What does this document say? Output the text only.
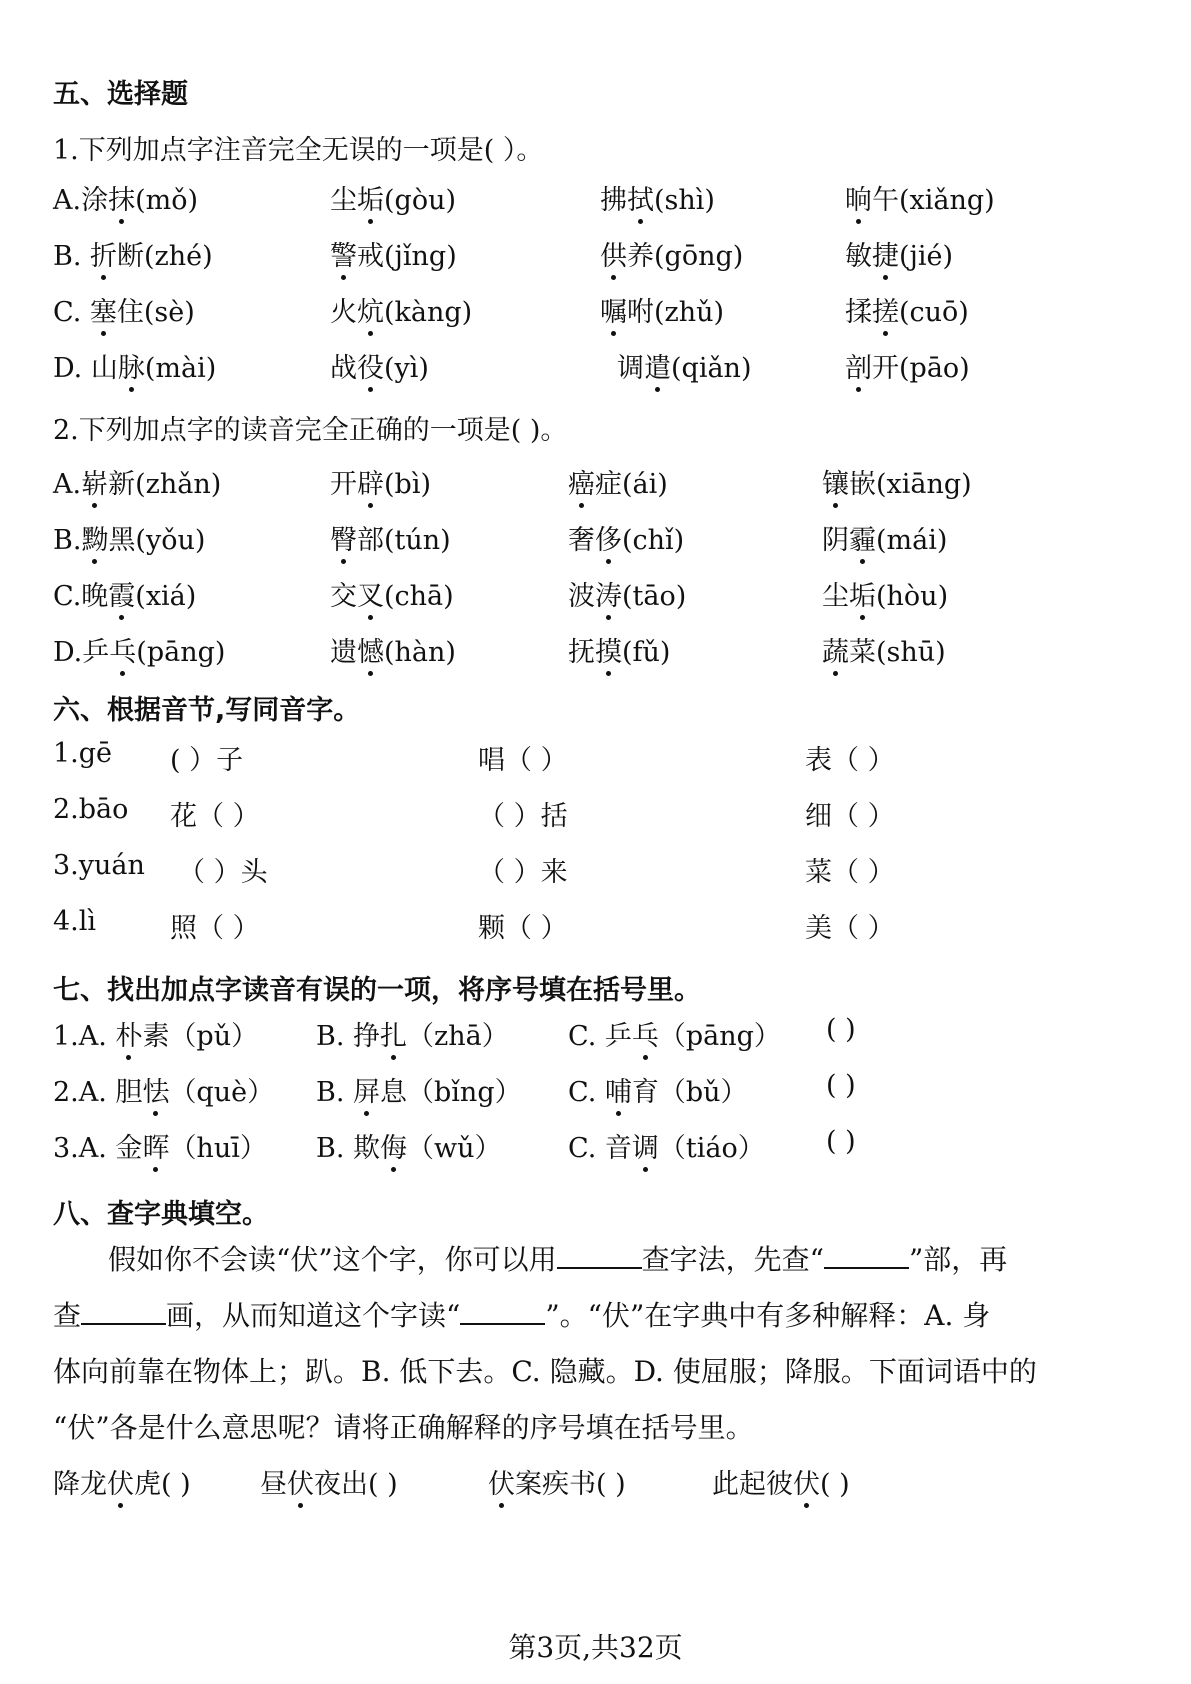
五、选择题
1.下列加点字注音完全无误的一项是( ）。
2.下列加点字的读音完全正确的一项是( )。
六、根据音节,写同音字。
七、找出加点字读音有误的一项，将序号填在括号里。
八、查字典填空。
假如你不会读“伏”这个字，你可以用	查字法，先查“	”部，再
查	画，从而知道这个字读“	”。“伏”在字典中有多种解释：A. 身
体向前靠在物体上；趴。B. 低下去。C. 隐藏。D. 使屈服；降服。下面词语中的
“伏”各是什么意思呢？请将正确解释的序号填在括号里。
第3页,共32页
A.涂抹(mǒ)	尘垢(gòu)	拂拭(shì)	晌午(xiǎng)
B. 折断(zhé)	警戒(jǐng)	供养(gōng)	敏捷(jié)
C. 塞住(sè)	火炕(kàng)	嘱咐(zhǔ)	揉搓(cuō)
D. 山脉(mài)	战役(yì)	调遣(qiǎn)	剖开(pāo)
A.崭新(zhǎn)	开辟(bì)	癌症(ái)	镶嵌(xiāng)
B.黝黑(yǒu)	臀部(tún)	奢侈(chǐ)	阴霾(mái)
C.晚霞(xiá)	交叉(chā)	波涛(tāo)	尘垢(hòu)
D.乒乓(pāng)	遗憾(hàn)	抚摸(fǔ)	蔬菜(shū)
1.gē ( ）子	唱（ ）	表（ ）
2.bāo 花（ ）	（ ）括	细（ ）
3.yuán （ ）头	（ ）来	菜（ ）
4.lì	照（ ）	颗（ ）	美（ ）
1.A. 朴素（pǔ） B. 挣扎（zhā） C. 乒乓（pāng） ( )
2.A. 胆怯（què） B. 屏息（bǐng） C. 哺育（bǔ）	( )
3.A. 金晖（huī） B. 欺侮（wǔ） C. 音调（tiáo） ( )
降龙伏虎( )	昼伏夜出( )	伏案疾书( )	此起彼伏( )
